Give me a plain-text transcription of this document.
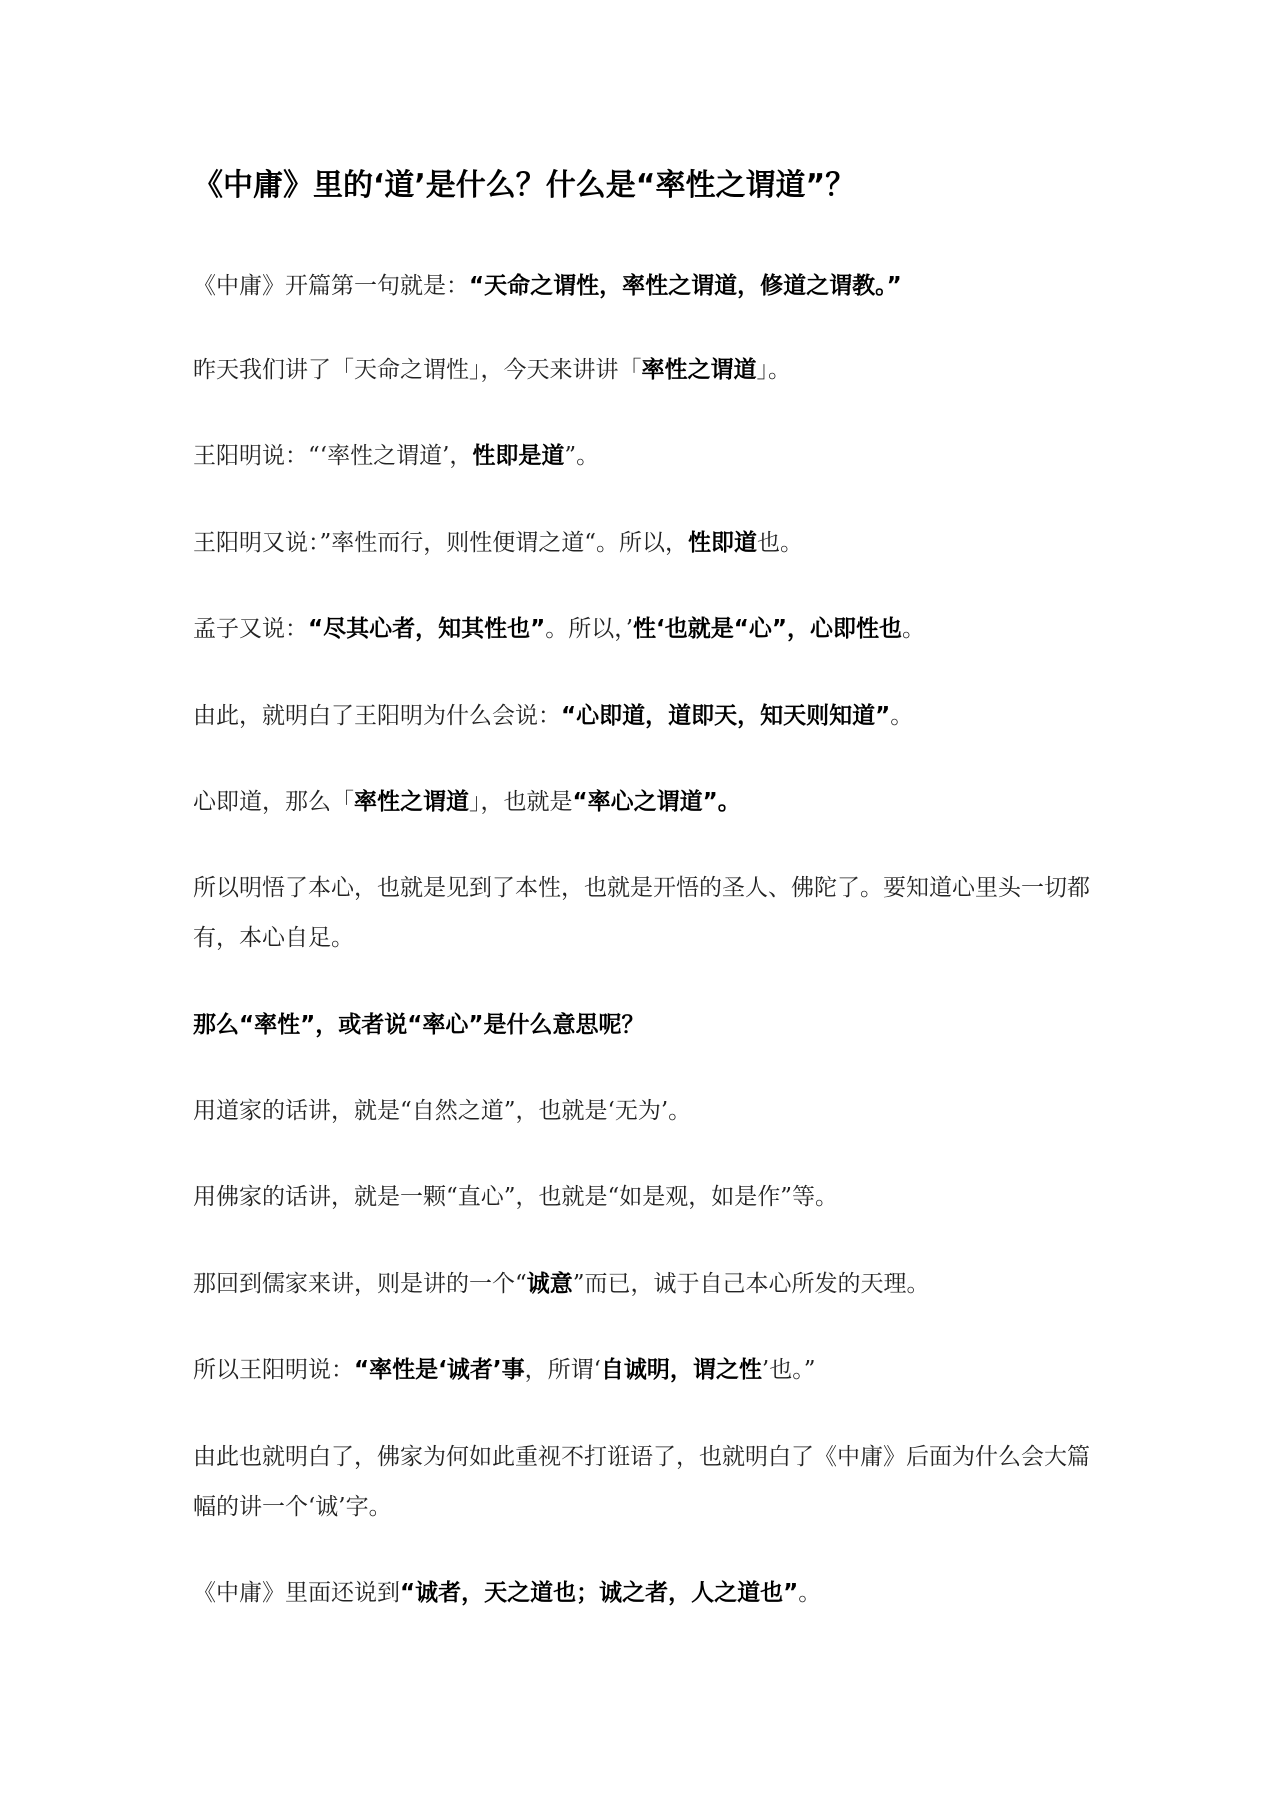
《中庸》里的‘道’是什么？什么是“率性之谓道”？

《中庸》开篇第一句就是：“天命之谓性，率性之谓道，修道之谓教。”

昨天我们讲了「天命之谓性」，今天来讲讲「率性之谓道」。

王阳明说：“‘率性之谓道’，性即是道”。

王阳明又说：”率性而行，则性便谓之道“。所以，性即道也。

孟子又说：“尽其心者，知其性也”。所以，’性‘也就是“心”，心即性也。

由此，就明白了王阳明为什么会说：“心即道，道即天，知天则知道”。

心即道，那么「率性之谓道」，也就是“率心之谓道”。

所以明悟了本心，也就是见到了本性，也就是开悟的圣人、佛陀了。要知道心里头一切都有，本心自足。

那么“率性”，或者说“率心”是什么意思呢？

用道家的话讲，就是“自然之道”，也就是‘无为’。

用佛家的话讲，就是一颗“直心”，也就是“如是观，如是作”等。

那回到儒家来讲，则是讲的一个“诚意”而已，诚于自己本心所发的天理。

所以王阳明说：“率性是‘诚者’事，所谓‘自诚明，谓之性’也。”

由此也就明白了，佛家为何如此重视不打诳语了，也就明白了《中庸》后面为什么会大篇幅的讲一个‘诚’字。

《中庸》里面还说到“诚者，天之道也；诚之者，人之道也”。
